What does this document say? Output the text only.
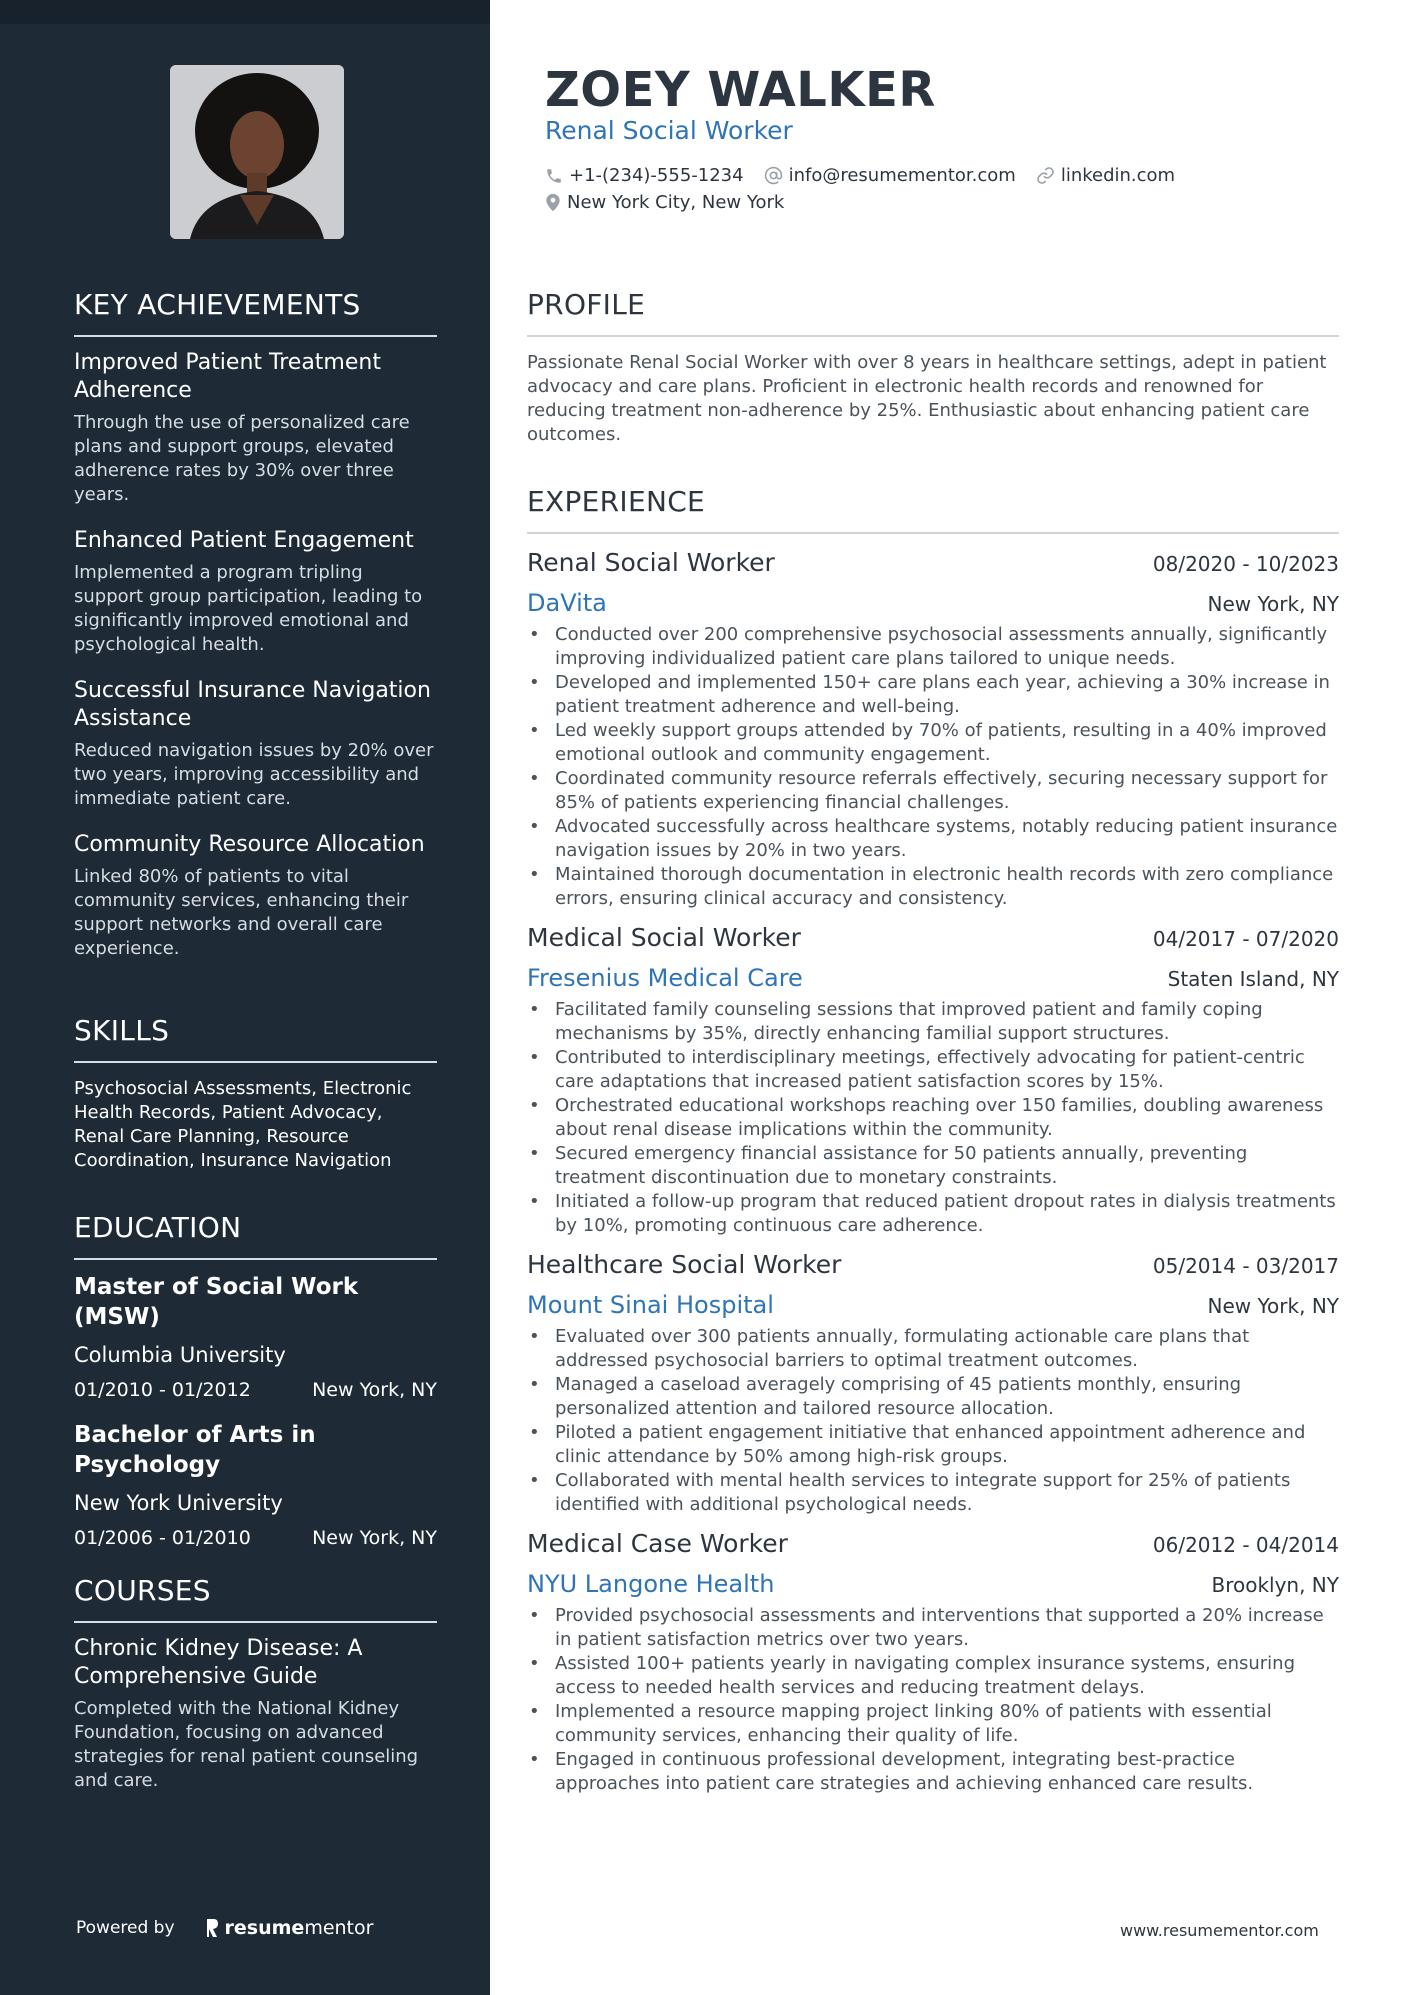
KEY ACHIEVEMENTS
Improved Patient Treatment Adherence
Through the use of personalized care plans and support groups, elevated adherence rates by 30% over three years.
Enhanced Patient Engagement
Implemented a program tripling support group participation, leading to significantly improved emotional and psychological health.
Successful Insurance Navigation Assistance
Reduced navigation issues by 20% over two years, improving accessibility and immediate patient care.
Community Resource Allocation
Linked 80% of patients to vital community services, enhancing their support networks and overall care experience.
SKILLS
Psychosocial Assessments, Electronic Health Records, Patient Advocacy, Renal Care Planning, Resource Coordination, Insurance Navigation
EDUCATION
Master of Social Work (MSW)
Columbia University
01/2010 - 01/2012	New York, NY
Bachelor of Arts in Psychology
New York University
01/2006 - 01/2010	New York, NY
COURSES
Chronic Kidney Disease: A Comprehensive Guide
Completed with the National Kidney Foundation, focusing on advanced strategies for renal patient counseling and care.
Powered by	resume mentor
ZOEY WALKER
Renal Social Worker
+1-(234)-555-1234	info@resumementor.com	linkedin.com
New York City, New York
PROFILE
Passionate Renal Social Worker with over 8 years in healthcare settings, adept in patient advocacy and care plans. Proficient in electronic health records and renowned for reducing treatment non-adherence by 25%. Enthusiastic about enhancing patient care outcomes.
EXPERIENCE
Renal Social Worker	08/2020 - 10/2023
DaVita	New York, NY
• Conducted over 200 comprehensive psychosocial assessments annually, significantly improving individualized patient care plans tailored to unique needs.
• Developed and implemented 150+ care plans each year, achieving a 30% increase in patient treatment adherence and well-being.
• Led weekly support groups attended by 70% of patients, resulting in a 40% improved emotional outlook and community engagement.
• Coordinated community resource referrals effectively, securing necessary support for 85% of patients experiencing financial challenges.
• Advocated successfully across healthcare systems, notably reducing patient insurance navigation issues by 20% in two years.
• Maintained thorough documentation in electronic health records with zero compliance errors, ensuring clinical accuracy and consistency.
Medical Social Worker	04/2017 - 07/2020
Fresenius Medical Care	Staten Island, NY
• Facilitated family counseling sessions that improved patient and family coping mechanisms by 35%, directly enhancing familial support structures.
• Contributed to interdisciplinary meetings, effectively advocating for patient-centric care adaptations that increased patient satisfaction scores by 15%.
• Orchestrated educational workshops reaching over 150 families, doubling awareness about renal disease implications within the community.
• Secured emergency financial assistance for 50 patients annually, preventing treatment discontinuation due to monetary constraints.
• Initiated a follow-up program that reduced patient dropout rates in dialysis treatments by 10%, promoting continuous care adherence.
Healthcare Social Worker	05/2014 - 03/2017
Mount Sinai Hospital	New York, NY
• Evaluated over 300 patients annually, formulating actionable care plans that addressed psychosocial barriers to optimal treatment outcomes.
• Managed a caseload averagely comprising of 45 patients monthly, ensuring personalized attention and tailored resource allocation.
• Piloted a patient engagement initiative that enhanced appointment adherence and clinic attendance by 50% among high-risk groups.
• Collaborated with mental health services to integrate support for 25% of patients identified with additional psychological needs.
Medical Case Worker	06/2012 - 04/2014
NYU Langone Health	Brooklyn, NY
• Provided psychosocial assessments and interventions that supported a 20% increase in patient satisfaction metrics over two years.
• Assisted 100+ patients yearly in navigating complex insurance systems, ensuring access to needed health services and reducing treatment delays.
• Implemented a resource mapping project linking 80% of patients with essential community services, enhancing their quality of life.
• Engaged in continuous professional development, integrating best-practice approaches into patient care strategies and achieving enhanced care results.
www.resumementor.com
